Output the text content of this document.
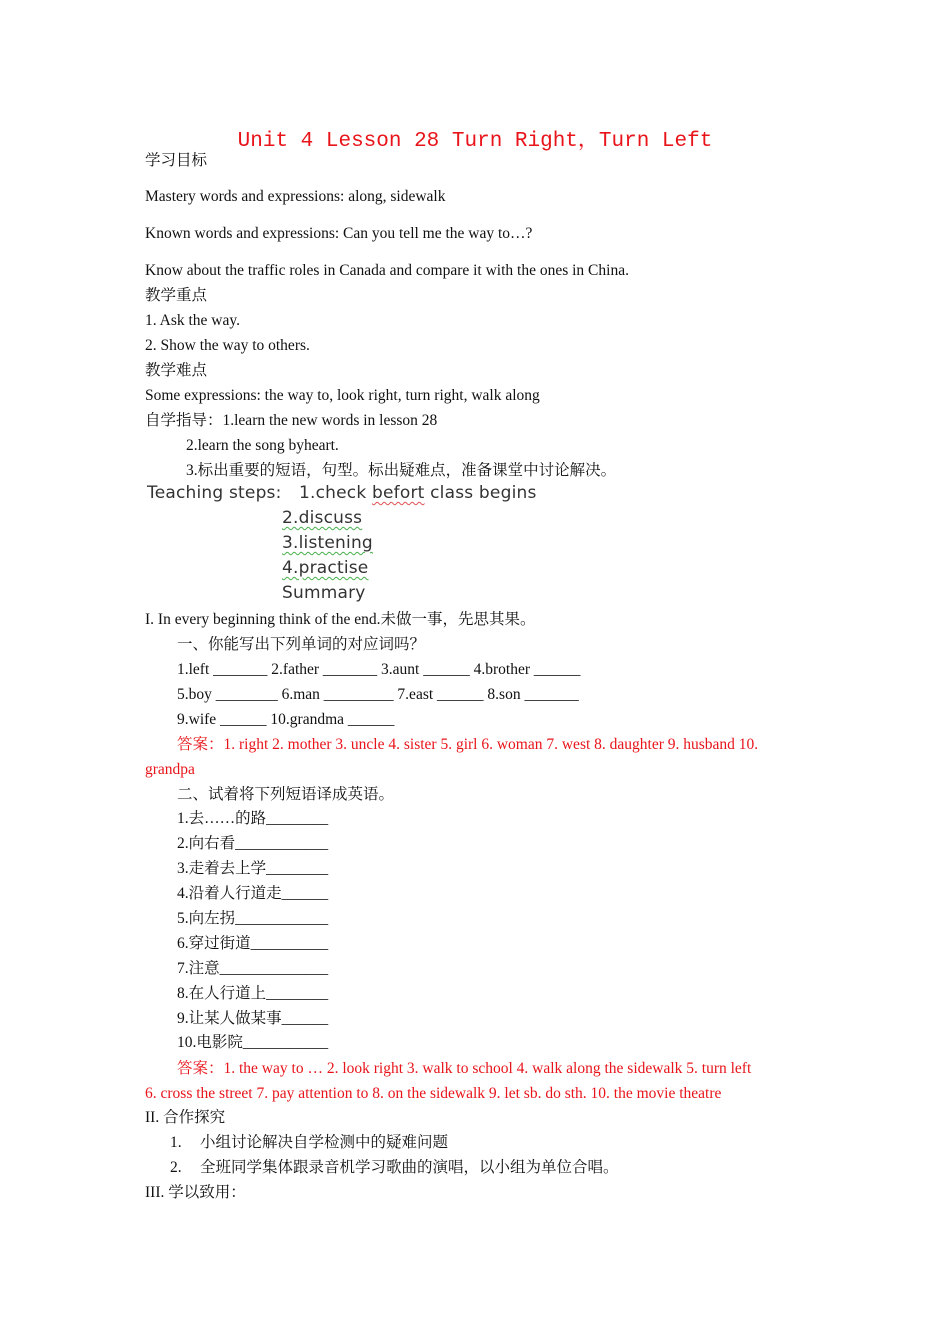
Unit 4 Lesson 28 Turn Right，Turn Left
学习目标
Mastery words and expressions: along, sidewalk
Known words and expressions: Can you tell me the way to…?
Know about the traffic roles in Canada and compare it with the ones in China.
教学重点
1. Ask the way.
2. Show the way to others.
教学难点
Some expressions: the way to, look right, turn right, walk along
自学指导：1.learn the new words in lesson 28
2.learn the song byheart.
3.标出重要的短语，句型。标出疑难点，准备课堂中讨论解决。
Teaching steps: 1.check befort class begins
2.discuss
3.listening
4.practise
Summary
I. In every beginning think of the end.未做一事，先思其果。
一、你能写出下列单词的对应词吗？
1.left _______ 2.father _______ 3.aunt ______ 4.brother ______
5.boy ________ 6.man _________ 7.east ______ 8.son _______
9.wife ______ 10.grandma ______
答案：1. right 2. mother 3. uncle 4. sister 5. girl 6. woman 7. west 8. daughter 9. husband 10.
grandpa
二、试着将下列短语译成英语。
1.去……的路________
2.向右看____________
3.走着去上学________
4.沿着人行道走______
5.向左拐____________
6.穿过街道__________
7.注意______________
8.在人行道上________
9.让某人做某事______
10.电影院___________
答案：1. the way to … 2. look right 3. walk to school 4. walk along the sidewalk 5. turn left
6. cross the street 7. pay attention to 8. on the sidewalk 9. let sb. do sth. 10. the movie theatre
II. 合作探究
1. 小组讨论解决自学检测中的疑难问题
2. 全班同学集体跟录音机学习歌曲的演唱，以小组为单位合唱。
III. 学以致用：
